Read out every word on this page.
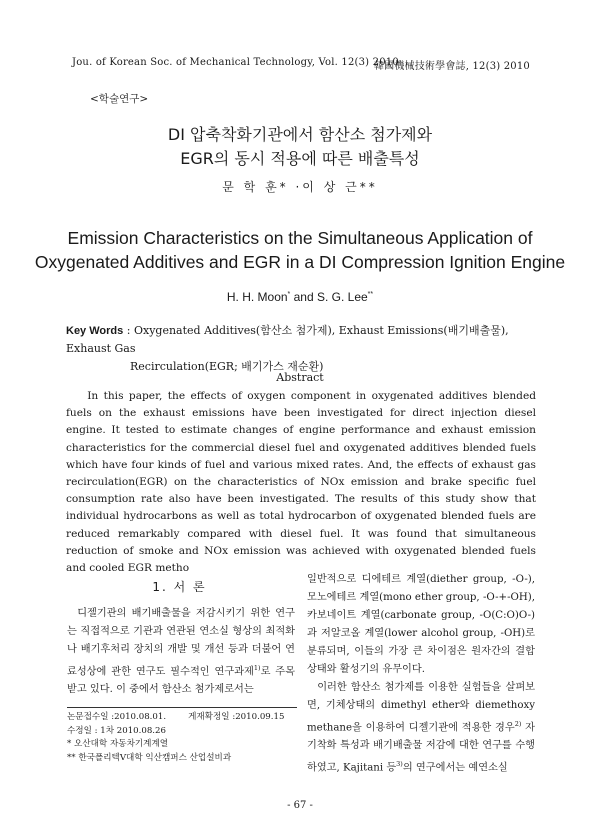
Jou. of Korean Soc. of Mechanical Technology, Vol. 12(3) 2010
韓國機械技術學會誌, 12(3) 2010
<학술연구>
DI 압축착화기관에서 함산소 첨가제와
EGR의 동시 적용에 따른 배출특성
문 학 훈* ·이 상 근**
Emission Characteristics on the Simultaneous Application of
Oxygenated Additives and EGR in a DI Compression Ignition Engine
H. H. Moon* and S. G. Lee**
Key Words : Oxygenated Additives(함산소 첨가제), Exhaust Emissions(배기배출물), Exhaust Gas
Recirculation(EGR; 배기가스 재순환)
Abstract

In this paper, the effects of oxygen component in oxygenated additives blended fuels on the exhaust emissions have been investigated for direct injection diesel engine. It tested to estimate changes of engine performance and exhaust emission characteristics for the commercial diesel fuel and oxygenated additives blended fuels which have four kinds of fuel and various mixed rates. And, the effects of exhaust gas recirculation(EGR) on the characteristics of NOx emission and brake specific fuel consumption rate also have been investigated. The results of this study show that individual hydrocarbons as well as total hydrocarbon of oxygenated blended fuels are reduced remarkably compared with diesel fuel. It was found that simultaneous reduction of smoke and NOx emission was achieved with oxygenated blended fuels and cooled EGR metho

1. 서 론

디젤기관의 배기배출물을 저감시키기 위한 연구는 직접적으로 기관과 연관된 연소실 형상의 최적화나 배기후처리 장치의 개발 및 개선 등과 더불어 연료성상에 관한 연구도 필수적인 연구과제$^{1)}$로 주목받고 있다. 이 중에서 함산소 첨가제로서는

논문접수일 :2010.08.01.	게재확정일 :2010.09.15
수정일 : 1차 2010.08.26
* 오산대학 자동차기계계열
** 한국폴리텍V대학 익산캠퍼스 산업설비과

일반적으로 디에테르 계열(diether group, -O-), 모노에테르 계열(mono ether group, -O-+-OH), 카보네이트 계열(carbonate group, -O(C:O)O-)과 저알코올 계열(lower alcohol group, -OH)로 분류되며, 이들의 가장 큰 차이점은 원자간의 결합상태와 활성기의 유무이다.

이러한 함산소 첨가제를 이용한 실험들을 살펴보면, 기체상태의 dimethyl ether와 diemethoxy methane을 이용하여 디젤기관에 적용한 경우$^{2)}$ 자기착화 특성과 배기배출물 저감에 대한 연구를 수행하였고, Kajitani 등$^{3)}$의 연구에서는 예연소실

- 67 -
